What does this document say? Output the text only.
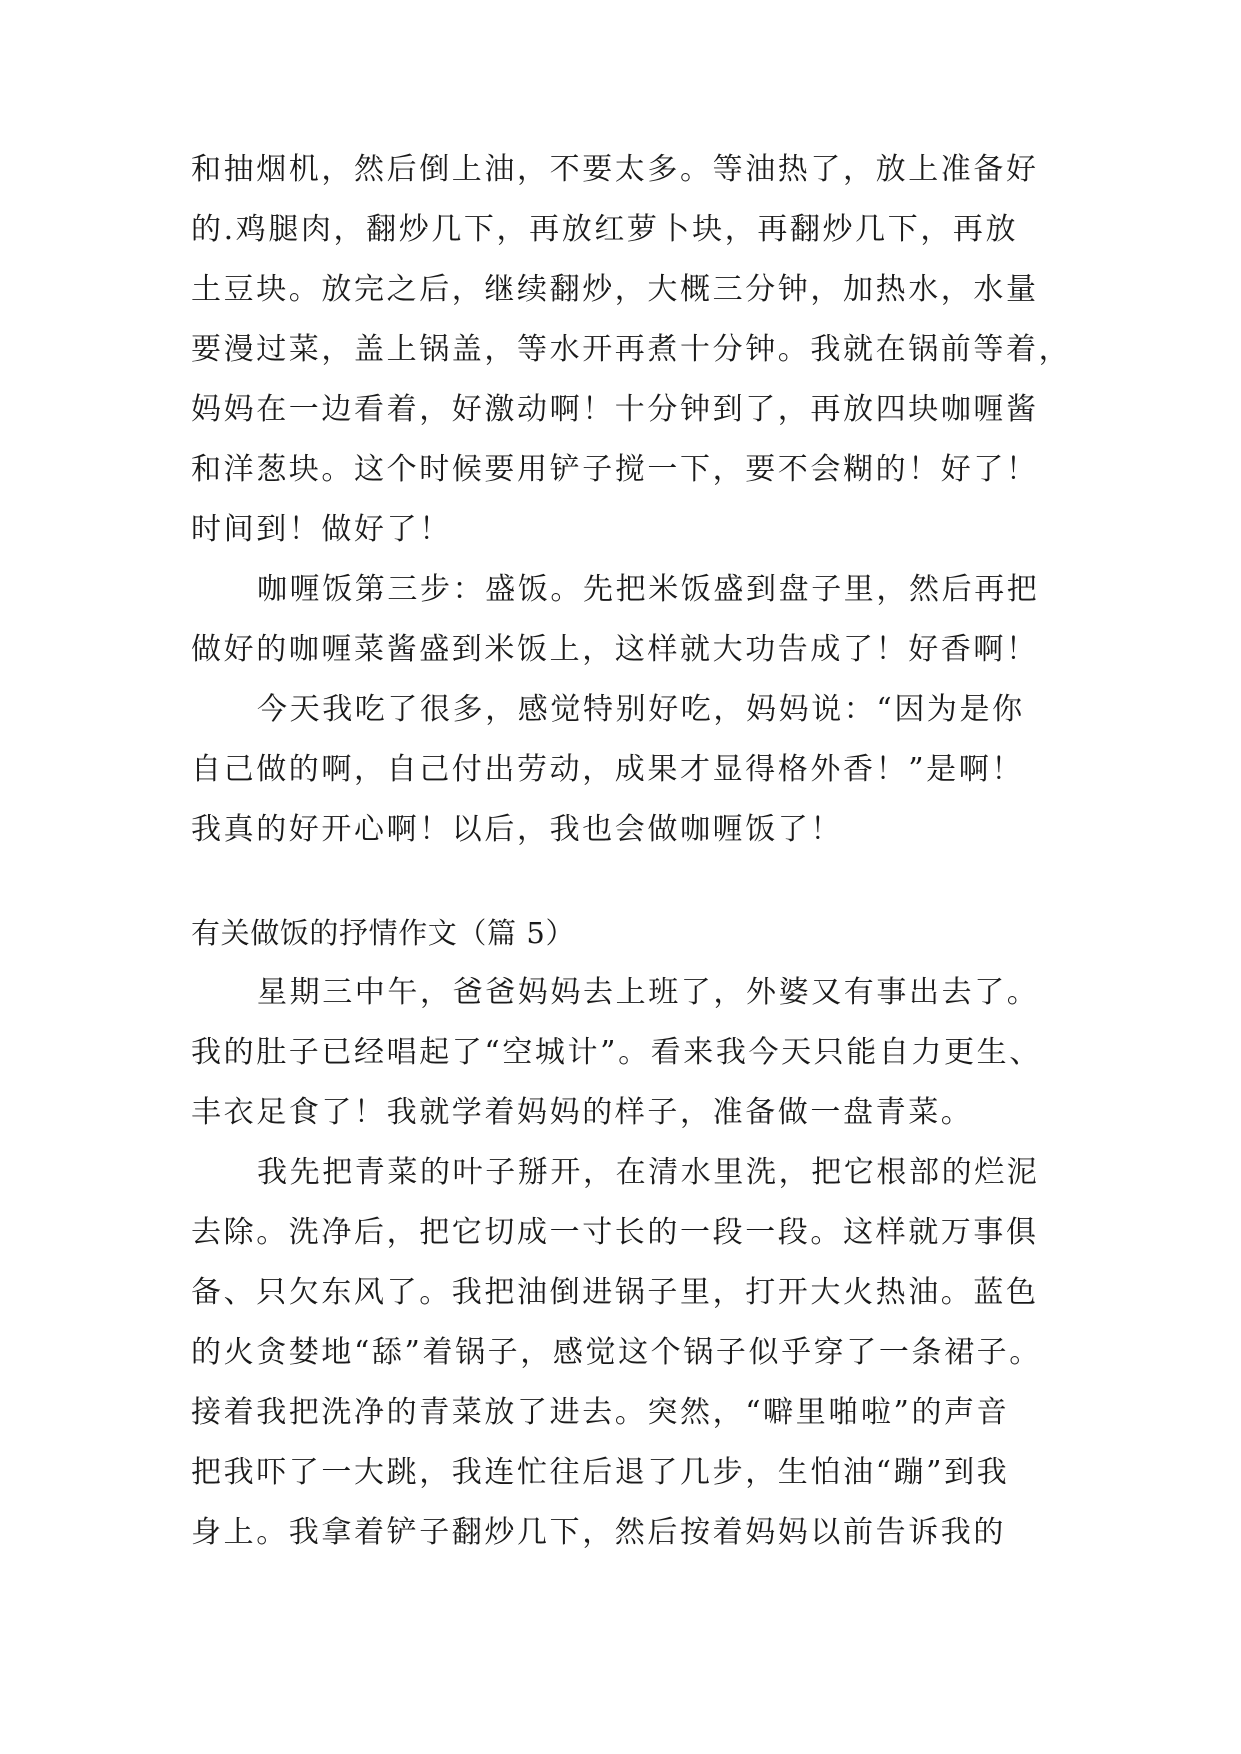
和抽烟机，然后倒上油，不要太多。等油热了，放上准备好
的.鸡腿肉，翻炒几下，再放红萝卜块，再翻炒几下，再放
土豆块。放完之后，继续翻炒，大概三分钟，加热水，水量
要漫过菜，盖上锅盖，等水开再煮十分钟。我就在锅前等着，
妈妈在一边看着，好激动啊！十分钟到了，再放四块咖喱酱
和洋葱块。这个时候要用铲子搅一下，要不会糊的！好了！
时间到！做好了！
咖喱饭第三步：盛饭。先把米饭盛到盘子里，然后再把
做好的咖喱菜酱盛到米饭上，这样就大功告成了！好香啊！
今天我吃了很多，感觉特别好吃，妈妈说：“因为是你
自己做的啊，自己付出劳动，成果才显得格外香！”是啊！
我真的好开心啊！以后，我也会做咖喱饭了！
有关做饭的抒情作文（篇 5）
星期三中午，爸爸妈妈去上班了，外婆又有事出去了。
我的肚子已经唱起了“空城计”。看来我今天只能自力更生、
丰衣足食了！我就学着妈妈的样子，准备做一盘青菜。
我先把青菜的叶子掰开，在清水里洗，把它根部的烂泥
去除。洗净后，把它切成一寸长的一段一段。这样就万事俱
备、只欠东风了。我把油倒进锅子里，打开大火热油。蓝色
的火贪婪地“舔”着锅子，感觉这个锅子似乎穿了一条裙子。
接着我把洗净的青菜放了进去。突然，“噼里啪啦”的声音
把我吓了一大跳，我连忙往后退了几步，生怕油“蹦”到我
身上。我拿着铲子翻炒几下，然后按着妈妈以前告诉我的
